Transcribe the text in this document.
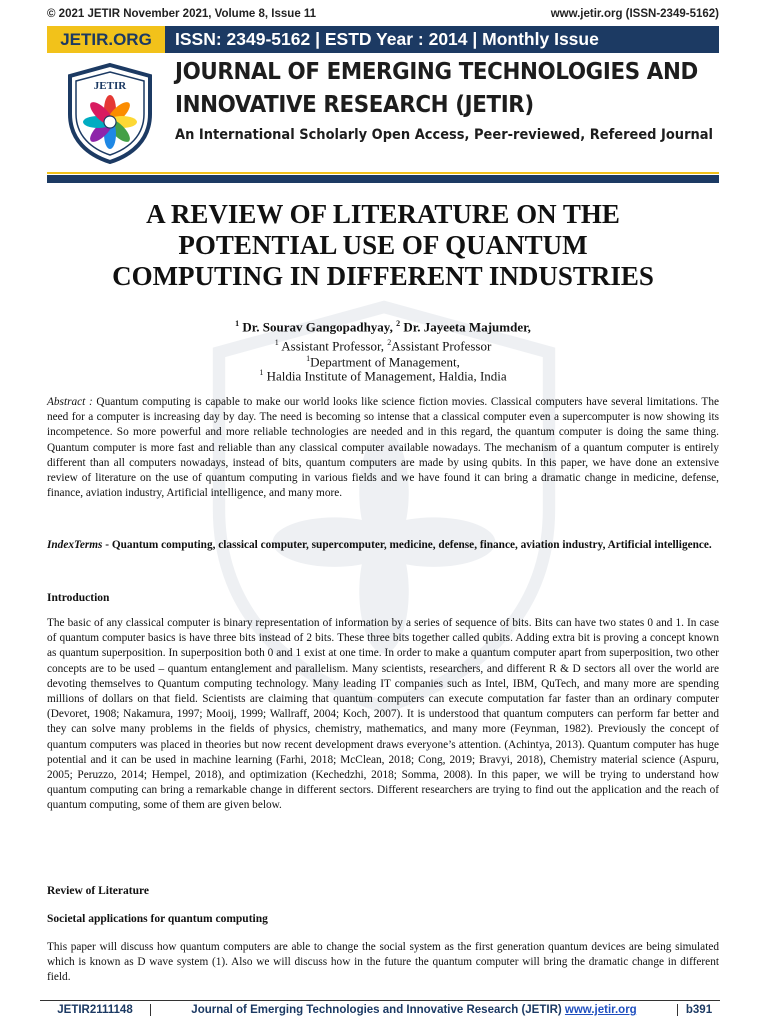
© 2021 JETIR November 2021, Volume 8, Issue 11	www.jetir.org (ISSN-2349-5162)
JETIR.ORG	ISSN: 2349-5162 | ESTD Year : 2014 | Monthly Issue
JETIR
JOURNAL OF EMERGING TECHNOLOGIES AND
INNOVATIVE RESEARCH (JETIR)
An International Scholarly Open Access, Peer-reviewed, Refereed Journal
A REVIEW OF LITERATURE ON THE
POTENTIAL USE OF QUANTUM
COMPUTING IN DIFFERENT INDUSTRIES
$^1$ Dr. Sourav Gangopadhyay, $^2$ Dr. Jayeeta Majumder,
$^1$ Assistant Professor, $^2$Assistant Professor
$^1$Department of Management,
$^1$ Haldia Institute of Management, Haldia, India

Abstract : Quantum computing is capable to make our world looks like science fiction movies. Classical computers have several limitations. The need for a computer is increasing day by day. The need is becoming so intense that a classical computer even a supercomputer is now showing its incompetence. So more powerful and more reliable technologies are needed and in this regard, the quantum computer is doing the same thing. Quantum computer is more fast and reliable than any classical computer available nowadays. The mechanism of a quantum computer is entirely different than all computers nowadays, instead of bits, quantum computers are made by using qubits. In this paper, we have done an extensive review of literature on the use of quantum computing in various fields and we have found it can bring a dramatic change in medicine, defense, finance, aviation industry, Artificial intelligence, and many more.

IndexTerms - Quantum computing, classical computer, supercomputer, medicine, defense, finance, aviation industry, Artificial intelligence.

Introduction

The basic of any classical computer is binary representation of information by a series of sequence of bits. Bits can have two states 0 and 1. In case of quantum computer basics is have three bits instead of 2 bits. These three bits together called qubits. Adding extra bit is proving a concept known as quantum superposition. In superposition both 0 and 1 exist at one time. In order to make a quantum computer apart from superposition, two other concepts are to be used – quantum entanglement and parallelism. Many scientists, researchers, and different R & D sectors all over the world are devoting themselves to Quantum computing technology. Many leading IT companies such as Intel, IBM, QuTech, and many more are spending millions of dollars on that field. Scientists are claiming that quantum computers can execute computation far faster than an ordinary computer (Devoret, 1908; Nakamura, 1997; Mooij, 1999; Wallraff, 2004; Koch, 2007). It is understood that quantum computers can perform far better and they can solve many problems in the fields of physics, chemistry, mathematics, and many more (Feynman, 1982). Previously the concept of quantum computers was placed in theories but now recent development draws everyone’s attention. (Achintya, 2013). Quantum computer has huge potential and it can be used in machine learning (Farhi, 2018; McClean, 2018; Cong, 2019; Bravyi, 2018), Chemistry material science (Aspuru, 2005; Peruzzo, 2014; Hempel, 2018), and optimization (Kechedzhi, 2018; Somma, 2008). In this paper, we will be trying to understand how quantum computing can bring a remarkable change in different sectors. Different researchers are trying to find out the application and the reach of quantum computing, some of them are given below.

Review of Literature
Societal applications for quantum computing

This paper will discuss how quantum computers are able to change the social system as the first generation quantum devices are being simulated which is known as D wave system (1). Also we will discuss how in the future the quantum computer will bring the dramatic change in different field.

JETIR2111148	Journal of Emerging Technologies and Innovative Research (JETIR) www.jetir.org	b391
